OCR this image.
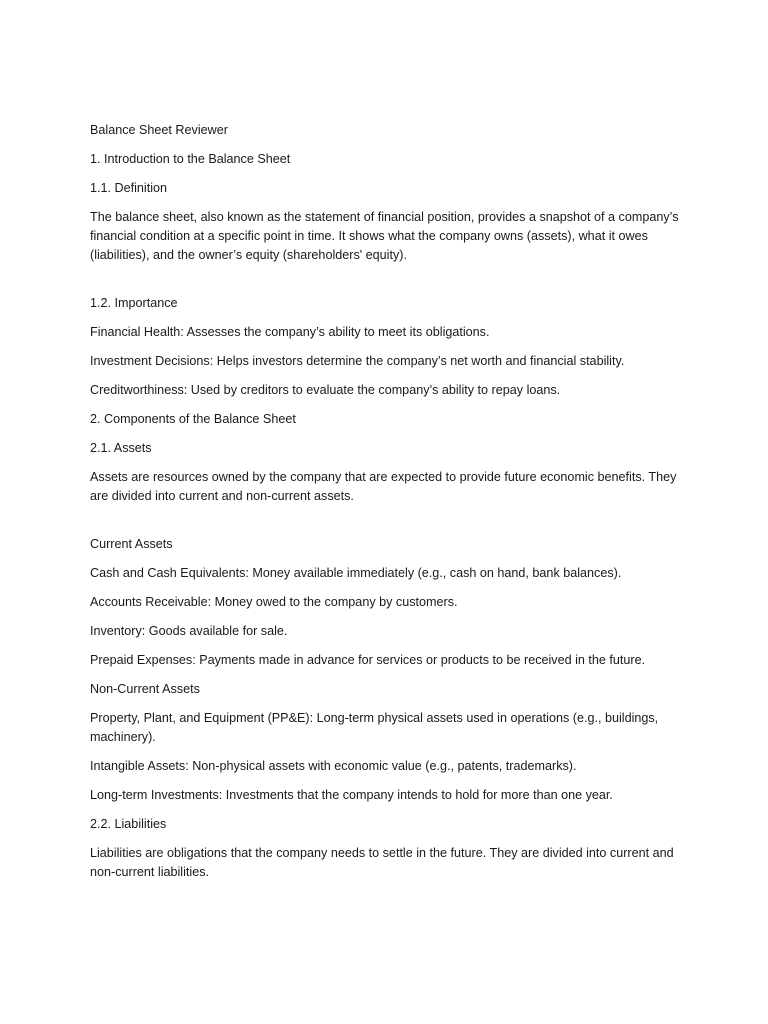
Balance Sheet Reviewer

1. Introduction to the Balance Sheet

1.1. Definition

The balance sheet, also known as the statement of financial position, provides a snapshot of a company’s financial condition at a specific point in time. It shows what the company owns (assets), what it owes (liabilities), and the owner’s equity (shareholders' equity).

1.2. Importance

Financial Health: Assesses the company’s ability to meet its obligations.

Investment Decisions: Helps investors determine the company’s net worth and financial stability.

Creditworthiness: Used by creditors to evaluate the company’s ability to repay loans.

2. Components of the Balance Sheet

2.1. Assets

Assets are resources owned by the company that are expected to provide future economic benefits. They are divided into current and non-current assets.

Current Assets

Cash and Cash Equivalents: Money available immediately (e.g., cash on hand, bank balances).

Accounts Receivable: Money owed to the company by customers.

Inventory: Goods available for sale.

Prepaid Expenses: Payments made in advance for services or products to be received in the future.

Non-Current Assets

Property, Plant, and Equipment (PP&E): Long-term physical assets used in operations (e.g., buildings, machinery).

Intangible Assets: Non-physical assets with economic value (e.g., patents, trademarks).

Long-term Investments: Investments that the company intends to hold for more than one year.

2.2. Liabilities

Liabilities are obligations that the company needs to settle in the future. They are divided into current and non-current liabilities.
